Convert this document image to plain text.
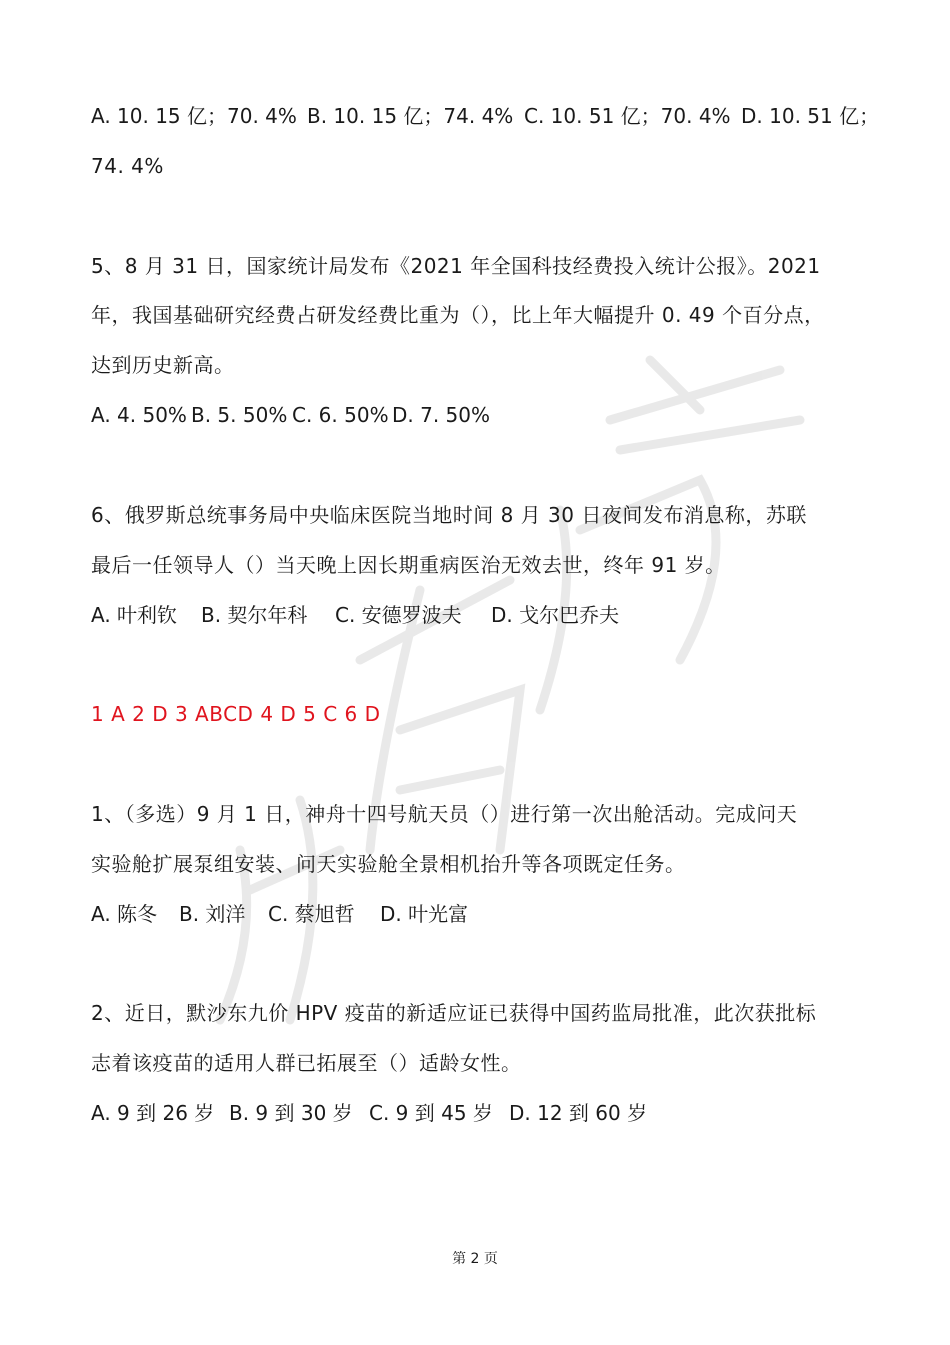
A. 10. 15 亿；70. 4% B. 10. 15 亿；74. 4% C. 10. 51 亿；70. 4% D. 10. 51 亿；
74. 4%
5、8 月 31 日，国家统计局发布《2021 年全国科技经费投入统计公报》。2021
年，我国基础研究经费占研发经费比重为（），比上年大幅提升 0. 49 个百分点，
达到历史新高。
A. 4. 50% B. 5. 50% C. 6. 50% D. 7. 50%
6、俄罗斯总统事务局中央临床医院当地时间 8 月 30 日夜间发布消息称，苏联
最后一任领导人（）当天晚上因长期重病医治无效去世，终年 91 岁。
A. 叶利钦 B. 契尔年科 C. 安德罗波夫 D. 戈尔巴乔夫
1 A 2 D 3 ABCD 4 D 5 C 6 D
1、（多选）9 月 1 日，神舟十四号航天员（）进行第一次出舱活动。完成问天
实验舱扩展泵组安装、问天实验舱全景相机抬升等各项既定任务。
A. 陈冬 B. 刘洋 C. 蔡旭哲 D. 叶光富
2、近日，默沙东九价 HPV 疫苗的新适应证已获得中国药监局批准，此次获批标
志着该疫苗的适用人群已拓展至（）适龄女性。
A. 9 到 26 岁 B. 9 到 30 岁 C. 9 到 45 岁 D. 12 到 60 岁
第 2 页
